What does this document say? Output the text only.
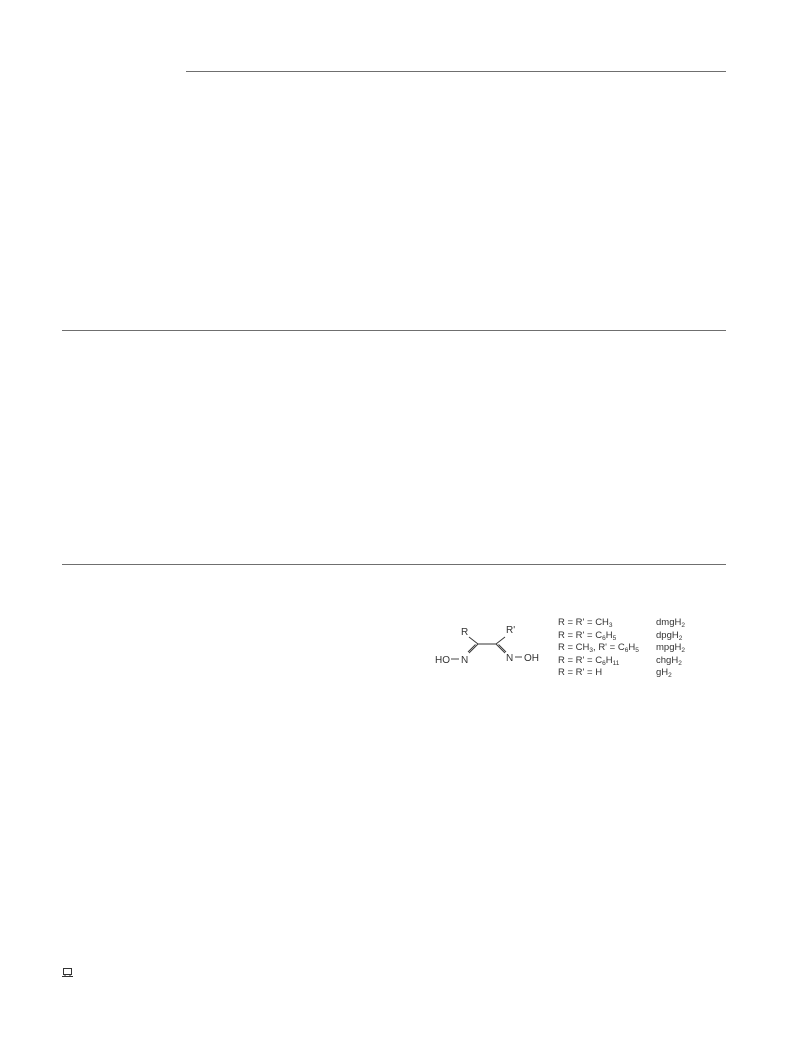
R	R'
N	N
HO	OH
$R = R' = CH_3$	dmgH$_2$
$R = R' = C_6H_5$	dpgH$_2$
$R = CH_3$, $R' = C_6H_5$ mpgH$_2$
$R = R' = C_6H_{11}$	chgH$_2$
R = R' = H	$gH_2$
